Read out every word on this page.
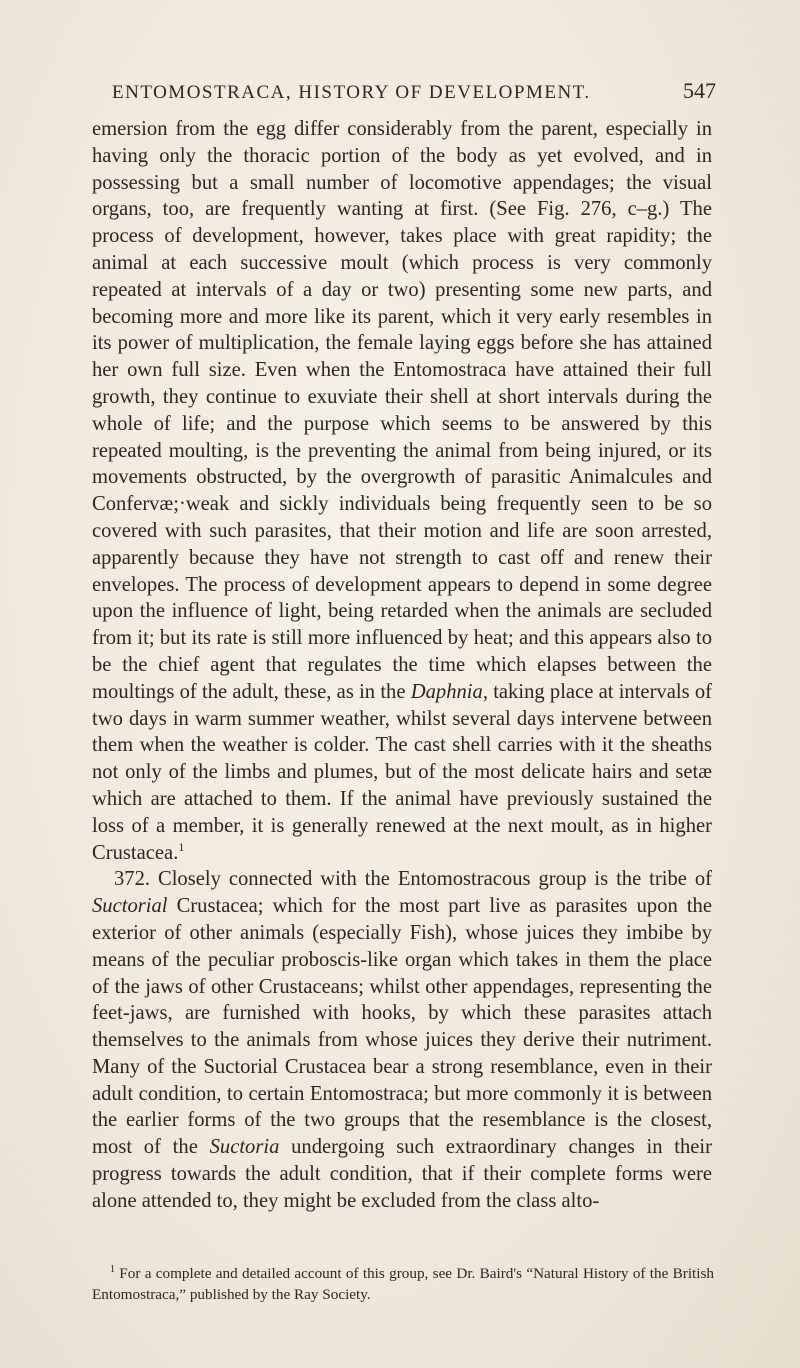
ENTOMOSTRACA, HISTORY OF DEVELOPMENT.	547

emersion from the egg differ considerably from the parent, especially in having only the thoracic portion of the body as yet evolved, and in possessing but a small number of locomotive appendages; the visual organs, too, are frequently wanting at first. (See Fig. 276, c–g.) The process of development, however, takes place with great rapidity; the animal at each successive moult (which process is very commonly repeated at intervals of a day or two) presenting some new parts, and becoming more and more like its parent, which it very early resembles in its power of multiplication, the female laying eggs before she has attained her own full size. Even when the Entomostraca have attained their full growth, they continue to exuviate their shell at short intervals during the whole of life; and the purpose which seems to be answered by this repeated moulting, is the preventing the animal from being injured, or its movements obstructed, by the overgrowth of parasitic Animalcules and Confervæ;·weak and sickly individuals being frequently seen to be so covered with such parasites, that their motion and life are soon arrested, apparently because they have not strength to cast off and renew their envelopes. The process of development appears to depend in some degree upon the influence of light, being retarded when the animals are secluded from it; but its rate is still more influenced by heat; and this appears also to be the chief agent that regulates the time which elapses between the moultings of the adult, these, as in the Daphnia, taking place at intervals of two days in warm summer weather, whilst several days intervene between them when the weather is colder. The cast shell carries with it the sheaths not only of the limbs and plumes, but of the most delicate hairs and setæ which are attached to them. If the animal have previously sustained the loss of a member, it is generally renewed at the next moult, as in higher Crustacea.$^1$

372. Closely connected with the Entomostracous group is the tribe of Suctorial Crustacea; which for the most part live as parasites upon the exterior of other animals (especially Fish), whose juices they imbibe by means of the peculiar proboscis-like organ which takes in them the place of the jaws of other Crustaceans; whilst other appendages, representing the feet-jaws, are furnished with hooks, by which these parasites attach themselves to the animals from whose juices they derive their nutriment. Many of the Suctorial Crustacea bear a strong resemblance, even in their adult condition, to certain Entomostraca; but more commonly it is between the earlier forms of the two groups that the resemblance is the closest, most of the Suctoria undergoing such extraordinary changes in their progress towards the adult condition, that if their complete forms were alone attended to, they might be excluded from the class alto-

$^1$ For a complete and detailed account of this group, see Dr. Baird's “Natural History of the British Entomostraca,” published by the Ray Society.
